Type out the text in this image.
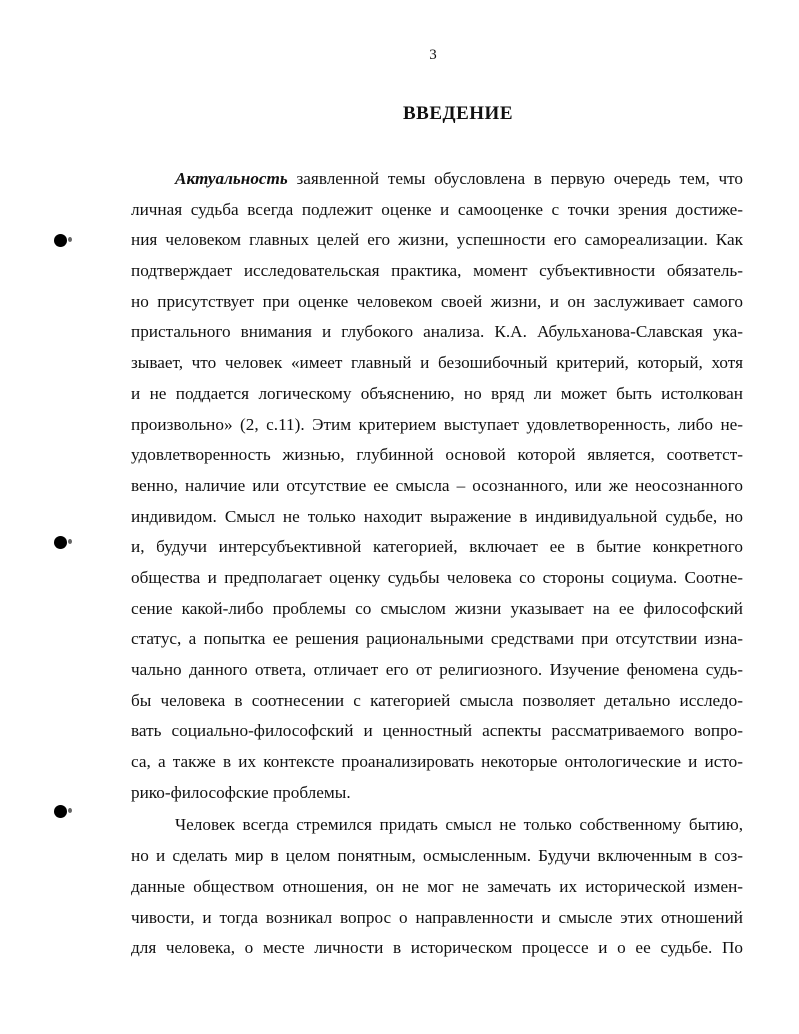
3
ВВЕДЕНИЕ
Актуальность заявленной темы обусловлена в первую очередь тем, что
личная судьба всегда подлежит оценке и самооценке с точки зрения достиже-
ния человеком главных целей его жизни, успешности его самореализации. Как
подтверждает исследовательская практика, момент субъективности обязатель-
но присутствует при оценке человеком своей жизни, и он заслуживает самого
пристального внимания и глубокого анализа. К.А. Абульханова-Славская ука-
зывает, что человек «имеет главный и безошибочный критерий, который, хотя
и не поддается логическому объяснению, но вряд ли может быть истолкован
произвольно» (2, с.11). Этим критерием выступает удовлетворенность, либо не-
удовлетворенность жизнью, глубинной основой которой является, соответст-
венно, наличие или отсутствие ее смысла – осознанного, или же неосознанного
индивидом. Смысл не только находит выражение в индивидуальной судьбе, но
и, будучи интерсубъективной категорией, включает ее в бытие конкретного
общества и предполагает оценку судьбы человека со стороны социума. Соотне-
сение какой-либо проблемы со смыслом жизни указывает на ее философский
статус, а попытка ее решения рациональными средствами при отсутствии изна-
чально данного ответа, отличает его от религиозного. Изучение феномена судь-
бы человека в соотнесении с категорией смысла позволяет детально исследо-
вать социально-философский и ценностный аспекты рассматриваемого вопро-
са, а также в их контексте проанализировать некоторые онтологические и исто-
рико-философские проблемы.
Человек всегда стремился придать смысл не только собственному бытию,
но и сделать мир в целом понятным, осмысленным. Будучи включенным в соз-
данные обществом отношения, он не мог не замечать их исторической измен-
чивости, и тогда возникал вопрос о направленности и смысле этих отношений
для человека, о месте личности в историческом процессе и о ее судьбе. По
